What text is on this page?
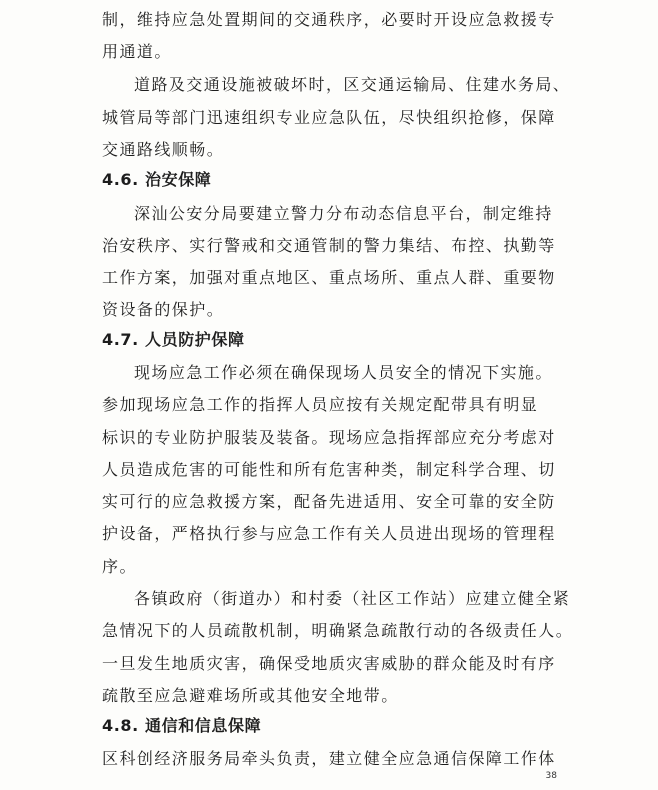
制，维持应急处置期间的交通秩序，必要时开设应急救援专

用通道。

道路及交通设施被破坏时，区交通运输局、住建水务局、

城管局等部门迅速组织专业应急队伍，尽快组织抢修，保障

交通路线顺畅。

4.6. 治安保障

深汕公安分局要建立警力分布动态信息平台，制定维持

治安秩序、实行警戒和交通管制的警力集结、布控、执勤等

工作方案，加强对重点地区、重点场所、重点人群、重要物

资设备的保护。

4.7. 人员防护保障

现场应急工作必须在确保现场人员安全的情况下实施。

参加现场应急工作的指挥人员应按有关规定配带具有明显

标识的专业防护服装及装备。现场应急指挥部应充分考虑对

人员造成危害的可能性和所有危害种类，制定科学合理、切

实可行的应急救援方案，配备先进适用、安全可靠的安全防

护设备，严格执行参与应急工作有关人员进出现场的管理程

序。

各镇政府（街道办）和村委（社区工作站）应建立健全紧

急情况下的人员疏散机制，明确紧急疏散行动的各级责任人。

一旦发生地质灾害，确保受地质灾害威胁的群众能及时有序

疏散至应急避难场所或其他安全地带。

4.8. 通信和信息保障

区科创经济服务局牵头负责，建立健全应急通信保障工作体

38
